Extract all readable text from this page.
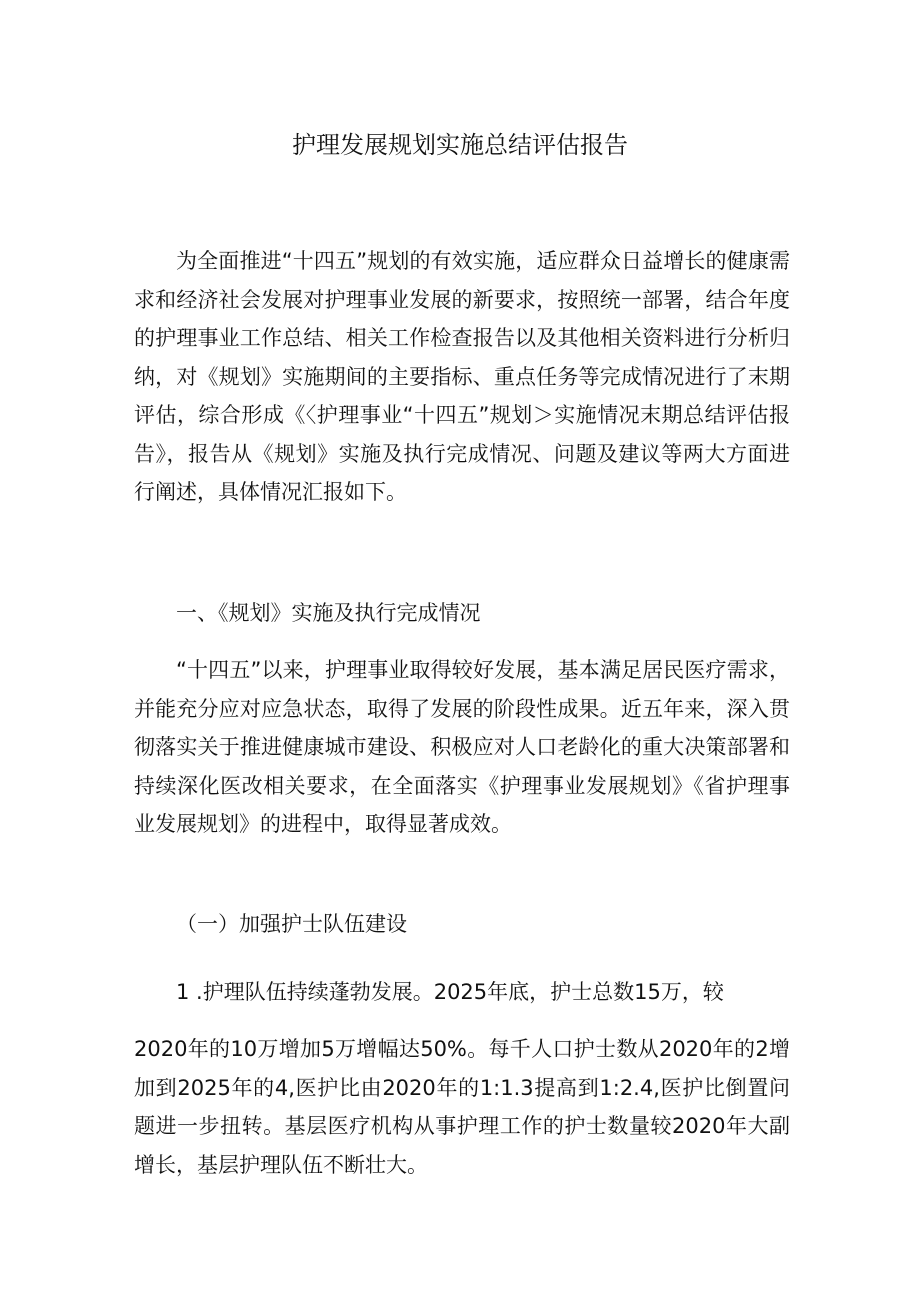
护理发展规划实施总结评估报告

为全面推进“十四五”规划的有效实施，适应群众日益增长的健康需求和经济社会发展对护理事业发展的新要求，按照统一部署，结合年度的护理事业工作总结、相关工作检查报告以及其他相关资料进行分析归纳，对《规划》实施期间的主要指标、重点任务等完成情况进行了末期评估，综合形成《〈护理事业“十四五”规划＞实施情况末期总结评估报告》，报告从《规划》实施及执行完成情况、问题及建议等两大方面进行阐述，具体情况汇报如下。

一、《规划》实施及执行完成情况

“十四五”以来，护理事业取得较好发展，基本满足居民医疗需求，并能充分应对应急状态，取得了发展的阶段性成果。近五年来，深入贯彻落实关于推进健康城市建设、积极应对人口老龄化的重大决策部署和持续深化医改相关要求，在全面落实《护理事业发展规划》《省护理事业发展规划》的进程中，取得显著成效。

（一）加强护士队伍建设

1 .护理队伍持续蓬勃发展。2025年底，护士总数15万，较

2020年的10万增加5万增幅达50%。每千人口护士数从2020年的2增加到2025年的4,医护比由2020年的1:1.3提高到1:2.4,医护比倒置问题进一步扭转。基层医疗机构从事护理工作的护士数量较2020年大副增长，基层护理队伍不断壮大。
